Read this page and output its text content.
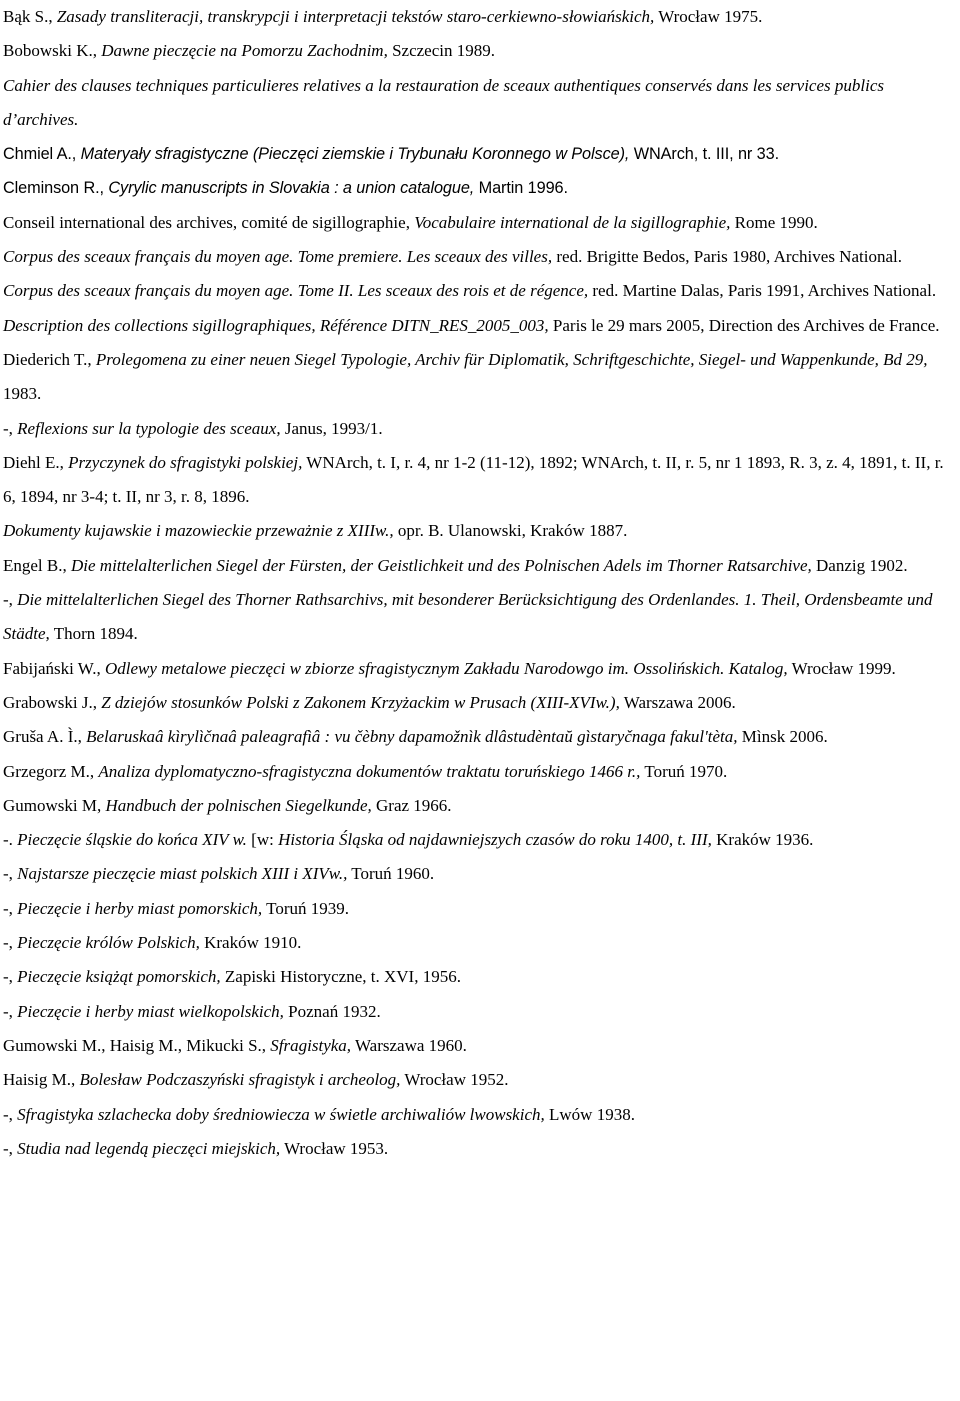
Bąk S., Zasady transliteracji, transkrypcji i interpretacji tekstów staro-cerkiewno-słowiańskich, Wrocław 1975.

Bobowski K., Dawne pieczęcie na Pomorzu Zachodnim, Szczecin 1989.

Cahier des clauses techniques particulieres relatives a la restauration de sceaux authentiques conservés dans les services publics d’archives.

Chmiel A., Materyały sfragistyczne (Pieczęci ziemskie i Trybunału Koronnego w Polsce), WNArch, t. III, nr 33.

Cleminson R., Cyrylic manuscripts in Slovakia : a union catalogue, Martin 1996.

Conseil international des archives, comité de sigillographie, Vocabulaire international de la sigillographie, Rome 1990.

Corpus des sceaux français du moyen age. Tome premiere. Les sceaux des villes, red. Brigitte Bedos, Paris 1980, Archives National.

Corpus des sceaux français du moyen age. Tome II. Les sceaux des rois et de régence, red. Martine Dalas, Paris 1991, Archives National.

Description des collections sigillographiques, Référence DITN_RES_2005_003, Paris le 29 mars 2005, Direction des Archives de France.

Diederich T., Prolegomena zu einer neuen Siegel Typologie, Archiv für Diplomatik, Schriftgeschichte, Siegel- und Wappenkunde, Bd 29, 1983.

-, Reflexions sur la typologie des sceaux, Janus, 1993/1.

Diehl E., Przyczynek do sfragistyki polskiej, WNArch, t. I, r. 4, nr 1-2 (11-12), 1892; WNArch, t. II, r. 5, nr 1 1893, R. 3, z. 4, 1891, t. II, r. 6, 1894, nr 3-4; t. II, nr 3, r. 8, 1896.

Dokumenty kujawskie i mazowieckie przeważnie z XIIIw., opr. B. Ulanowski, Kraków 1887.

Engel B., Die mittelalterlichen Siegel der Fürsten, der Geistlichkeit und des Polnischen Adels im Thorner Ratsarchive, Danzig 1902.

-, Die mittelalterlichen Siegel des Thorner Rathsarchivs, mit besonderer Berücksichtigung des Ordenlandes. 1. Theil, Ordensbeamte und Städte, Thorn 1894.

Fabijański W., Odlewy metalowe pieczęci w zbiorze sfragistycznym Zakładu Narodowgo im. Ossolińskich. Katalog, Wrocław 1999.

Grabowski J., Z dziejów stosunków Polski z Zakonem Krzyżackim w Prusach (XIII-XVIw.), Warszawa 2006.

Gruša A. Ì., Belaruskaâ kìrylìčnaâ paleagrafìâ : vu čèbny dapamožnìk dlâstudèntaŭ gìstaryčnaga fakul'tèta, Mìnsk 2006.

Grzegorz M., Analiza dyplomatyczno-sfragistyczna dokumentów traktatu toruńskiego 1466 r., Toruń 1970.

Gumowski M, Handbuch der polnischen Siegelkunde, Graz 1966.

-. Pieczęcie śląskie do końca XIV w. [w: Historia Śląska od najdawniejszych czasów do roku 1400, t. III, Kraków 1936.

-, Najstarsze pieczęcie miast polskich XIII i XIVw., Toruń 1960.

-, Pieczęcie i herby miast pomorskich, Toruń 1939.

-, Pieczęcie królów Polskich, Kraków 1910.

-, Pieczęcie książąt pomorskich, Zapiski Historyczne, t. XVI, 1956.

-, Pieczęcie i herby miast wielkopolskich, Poznań 1932.

Gumowski M., Haisig M., Mikucki S., Sfragistyka, Warszawa 1960.

Haisig M., Bolesław Podczaszyński sfragistyk i archeolog, Wrocław 1952.

-, Sfragistyka szlachecka doby średniowiecza w świetle archiwaliów lwowskich, Lwów 1938.

-, Studia nad legendą pieczęci miejskich, Wrocław 1953.
